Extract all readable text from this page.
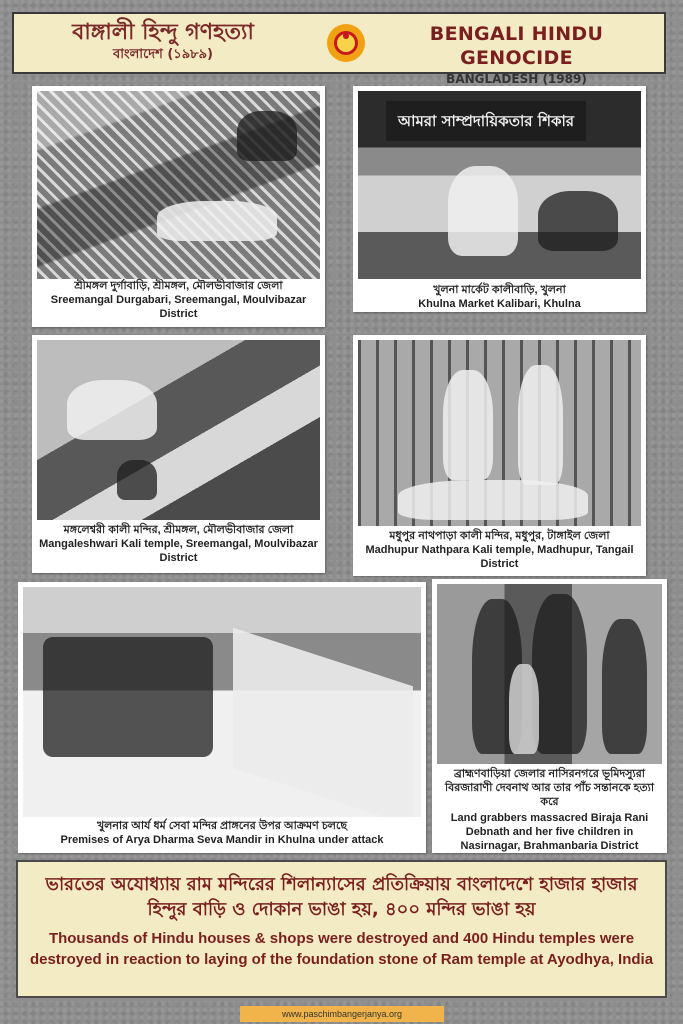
বাঙ্গালী হিন্দু গণহত্যা
বাংলাদেশ (১৯৮৯)
BENGALI HINDU GENOCIDE
BANGLADESH (1989)
শ্রীমঙ্গল দুর্গাবাড়ি, শ্রীমঙ্গল, মৌলভীবাজার জেলা
Sreemangal Durgabari, Sreemangal, Moulvibazar District
আমরা সাম্প্রদায়িকতার শিকার
খুলনা মার্কেট কালীবাড়ি, খুলনা
Khulna Market Kalibari, Khulna
মঙ্গলেশ্বরী কালী মন্দির, শ্রীমঙ্গল, মৌলভীবাজার জেলা
Mangaleshwari Kali temple, Sreemangal, Moulvibazar District
মধুপুর নাথপাড়া কালী মন্দির, মধুপুর, টাঙ্গাইল জেলা
Madhupur Nathpara Kali temple, Madhupur, Tangail District
খুলনার আর্য ধর্ম সেবা মন্দির প্রাঙ্গনের উপর আক্রমণ চলছে
Premises of Arya Dharma Seva Mandir in Khulna under attack
ব্রাহ্মণবাড়িয়া জেলার নাসিরনগরে ভূমিদস্যুরা বিরজারাণী দেবনাথ আর তার পাঁচ সন্তানকে হত্যা করে
Land grabbers massacred Biraja Rani Debnath and her five children in Nasirnagar, Brahmanbaria District
ভারতের অযোধ্যায় রাম মন্দিরের শিলান্যাসের প্রতিক্রিয়ায় বাংলাদেশে হাজার হাজার হিন্দুর বাড়ি ও দোকান ভাঙা হয়, ৪০০ মন্দির ভাঙা হয়
Thousands of Hindu houses & shops were destroyed and 400 Hindu temples were destroyed in reaction to laying of the foundation stone of Ram temple at Ayodhya, India
www.paschimbangerjanya.org
